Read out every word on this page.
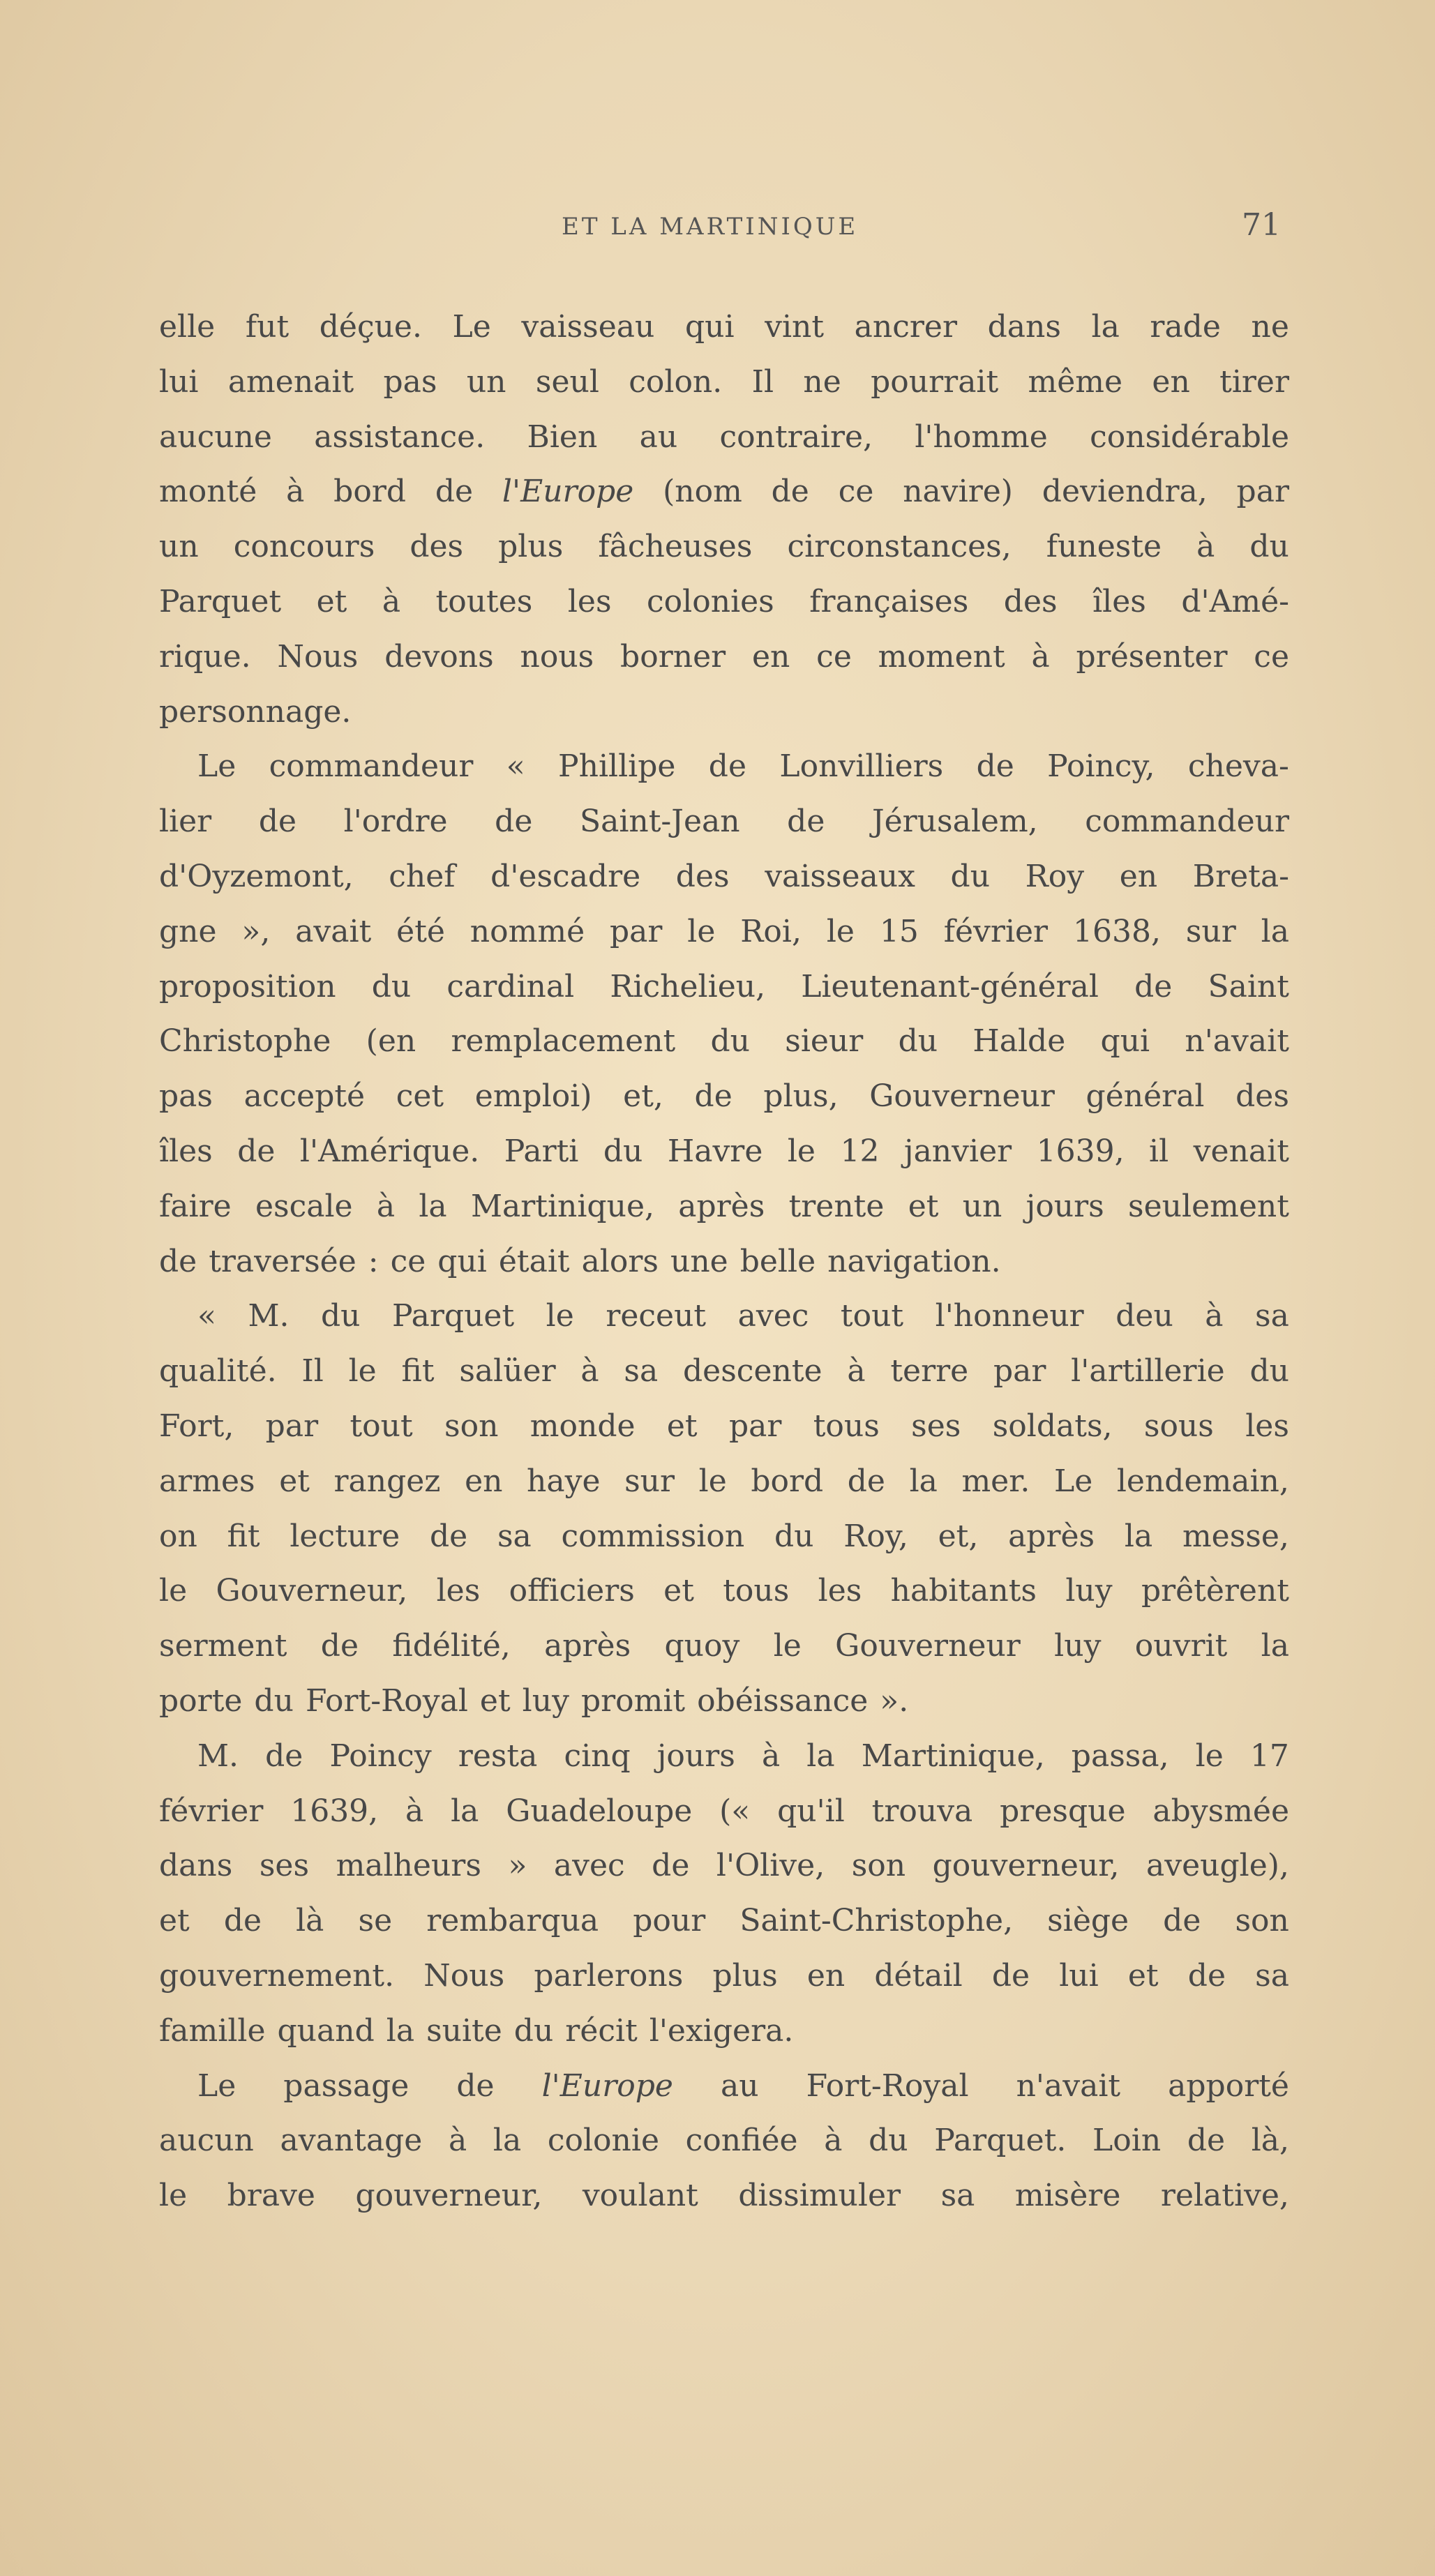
ET LA MARTINIQUE	71
elle fut déçue. Le vaisseau qui vint ancrer dans la rade ne
lui amenait pas un seul colon. Il ne pourrait même en tirer
aucune assistance. Bien au contraire, l'homme considérable
monté à bord de l'Europe (nom de ce navire) deviendra, par
un concours des plus fâcheuses circonstances, funeste à du
Parquet et à toutes les colonies françaises des îles d'Amé-
rique. Nous devons nous borner en ce moment à présenter ce
personnage.
Le commandeur « Phillipe de Lonvilliers de Poincy, cheva-
lier de l'ordre de Saint-Jean de Jérusalem, commandeur
d'Oyzemont, chef d'escadre des vaisseaux du Roy en Breta-
gne », avait été nommé par le Roi, le 15 février 1638, sur la
proposition du cardinal Richelieu, Lieutenant-général de Saint
Christophe (en remplacement du sieur du Halde qui n'avait
pas accepté cet emploi) et, de plus, Gouverneur général des
îles de l'Amérique. Parti du Havre le 12 janvier 1639, il venait
faire escale à la Martinique, après trente et un jours seulement
de traversée : ce qui était alors une belle navigation.
« M. du Parquet le receut avec tout l'honneur deu à sa
qualité. Il le fit salüer à sa descente à terre par l'artillerie du
Fort, par tout son monde et par tous ses soldats, sous les
armes et rangez en haye sur le bord de la mer. Le lendemain,
on fit lecture de sa commission du Roy, et, après la messe,
le Gouverneur, les officiers et tous les habitants luy prêtèrent
serment de fidélité, après quoy le Gouverneur luy ouvrit la
porte du Fort-Royal et luy promit obéissance ».
M. de Poincy resta cinq jours à la Martinique, passa, le 17
février 1639, à la Guadeloupe (« qu'il trouva presque abysmée
dans ses malheurs » avec de l'Olive, son gouverneur, aveugle),
et de là se rembarqua pour Saint-Christophe, siège de son
gouvernement. Nous parlerons plus en détail de lui et de sa
famille quand la suite du récit l'exigera.
Le passage de l'Europe au Fort-Royal n'avait apporté
aucun avantage à la colonie confiée à du Parquet. Loin de là,
le brave gouverneur, voulant dissimuler sa misère relative,
